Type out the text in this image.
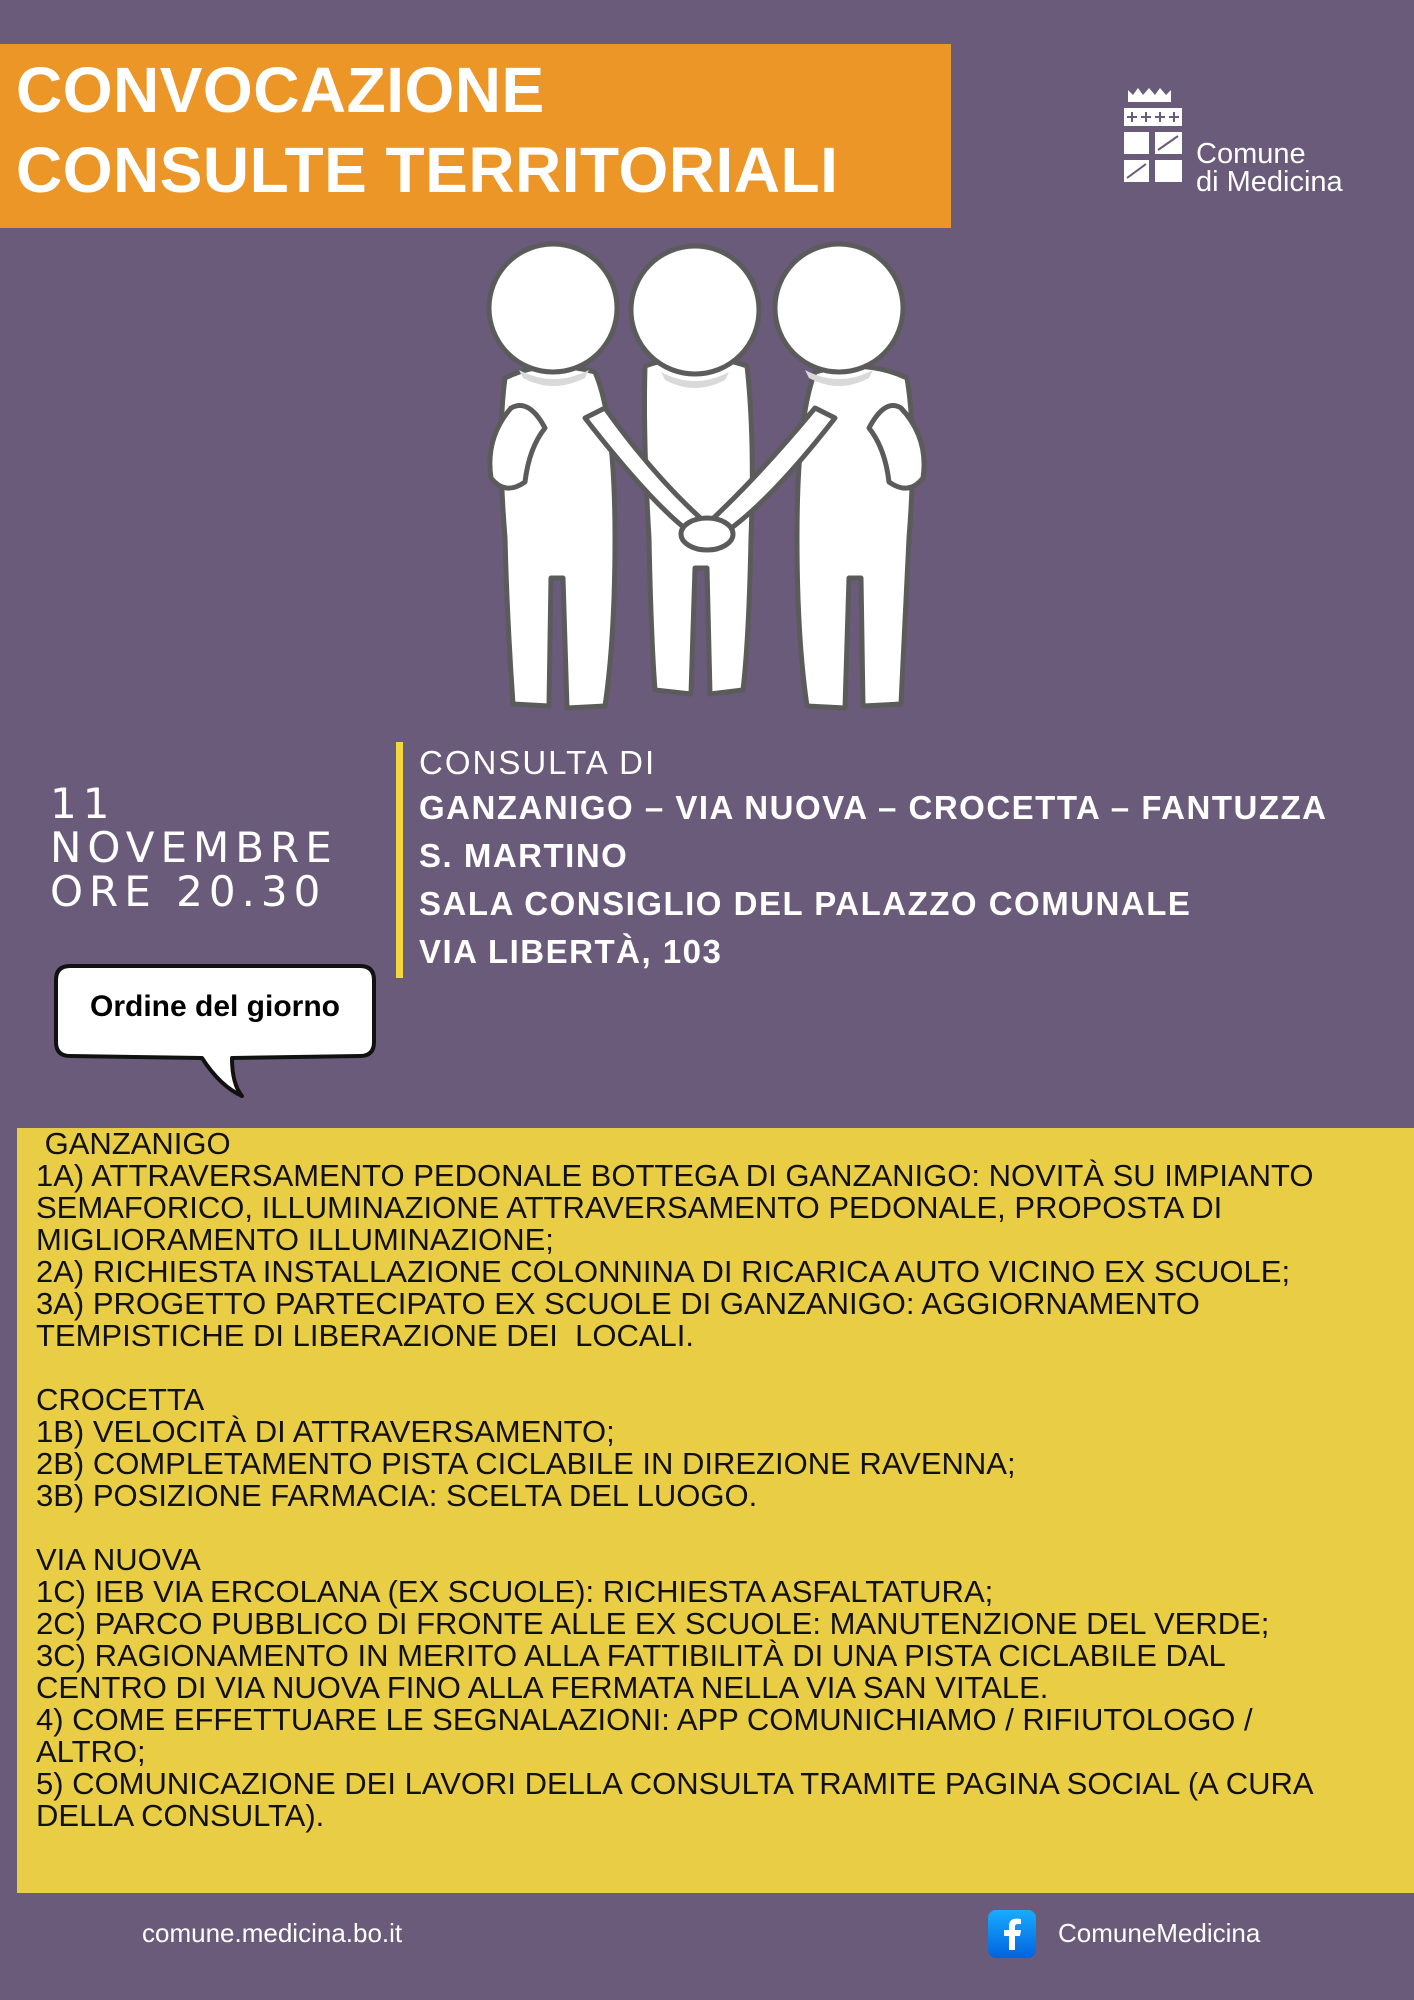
CONVOCAZIONE
CONSULTE TERRITORIALI	Comune
di Medicina
11
NOVEMBRE
ORE 20.30
CONSULTA DI
GANZANIGO – VIA NUOVA – CROCETTA – FANTUZZA
S. MARTINO
SALA CONSIGLIO DEL PALAZZO COMUNALE
VIA LIBERTÀ, 103
Ordine del giorno
GANZANIGO
1A) ATTRAVERSAMENTO PEDONALE BOTTEGA DI GANZANIGO: NOVITÀ SU IMPIANTO
SEMAFORICO, ILLUMINAZIONE ATTRAVERSAMENTO PEDONALE, PROPOSTA DI
MIGLIORAMENTO ILLUMINAZIONE;
2A) RICHIESTA INSTALLAZIONE COLONNINA DI RICARICA AUTO VICINO EX SCUOLE;
3A) PROGETTO PARTECIPATO EX SCUOLE DI GANZANIGO: AGGIORNAMENTO
TEMPISTICHE DI LIBERAZIONE DEI  LOCALI.
CROCETTA
1B) VELOCITÀ DI ATTRAVERSAMENTO;
2B) COMPLETAMENTO PISTA CICLABILE IN DIREZIONE RAVENNA;
3B) POSIZIONE FARMACIA: SCELTA DEL LUOGO.
VIA NUOVA
1C) IEB VIA ERCOLANA (EX SCUOLE): RICHIESTA ASFALTATURA;
2C) PARCO PUBBLICO DI FRONTE ALLE EX SCUOLE: MANUTENZIONE DEL VERDE;
3C) RAGIONAMENTO IN MERITO ALLA FATTIBILITÀ DI UNA PISTA CICLABILE DAL
CENTRO DI VIA NUOVA FINO ALLA FERMATA NELLA VIA SAN VITALE.
4) COME EFFETTUARE LE SEGNALAZIONI: APP COMUNICHIAMO / RIFIUTOLOGO /
ALTRO;
5) COMUNICAZIONE DEI LAVORI DELLA CONSULTA TRAMITE PAGINA SOCIAL (A CURA
DELLA CONSULTA).
comune.medicina.bo.it	ComuneMedicina
